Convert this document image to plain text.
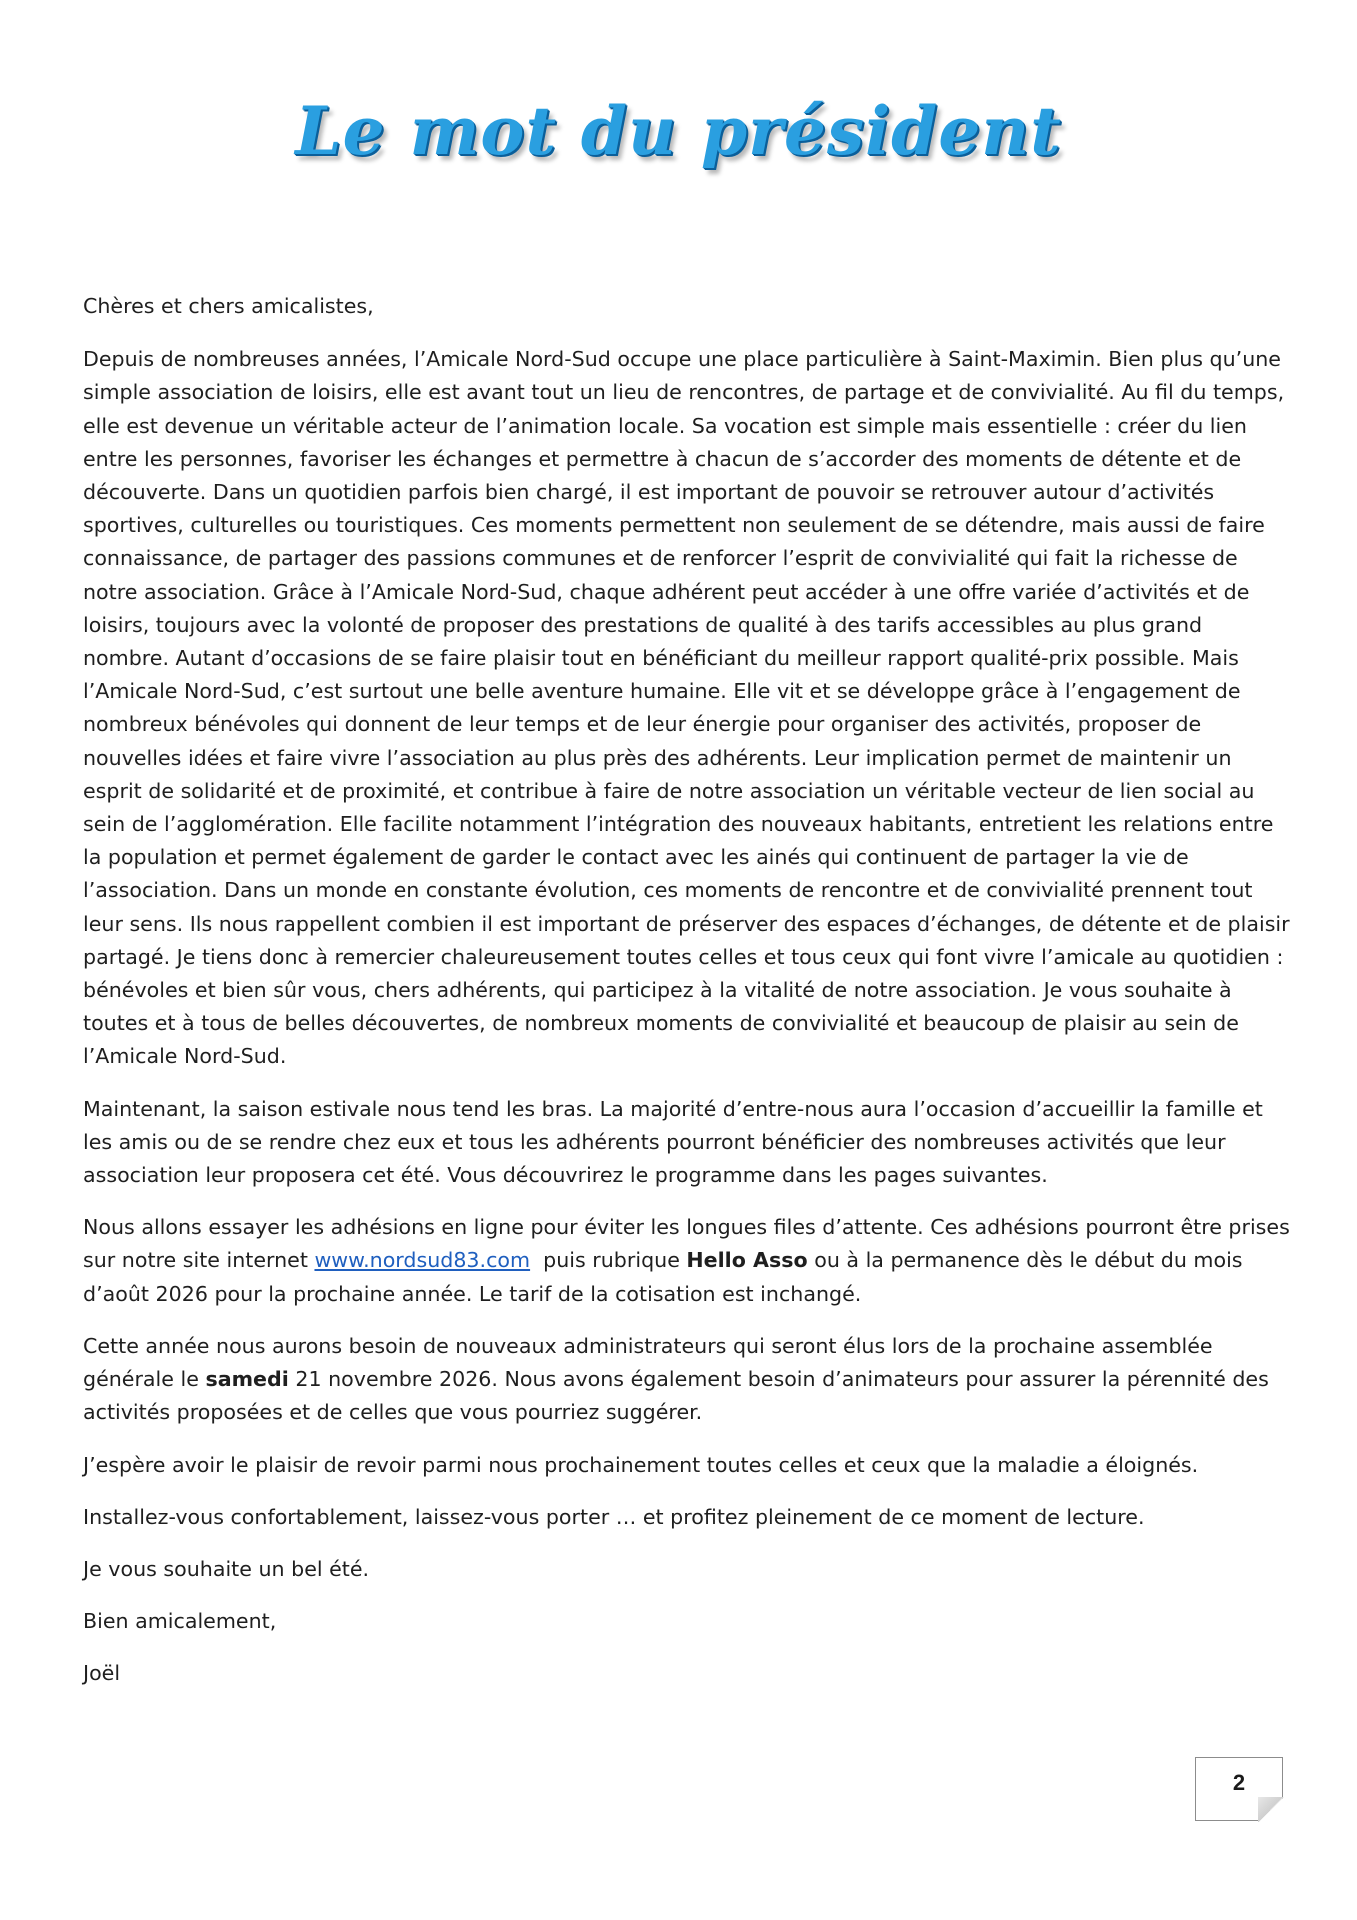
Le mot du président

Chères et chers amicalistes,

Depuis de nombreuses années, l’Amicale Nord-Sud occupe une place particulière à Saint-Maximin. Bien plus qu’une simple association de loisirs, elle est avant tout un lieu de rencontres, de partage et de convivialité. Au fil du temps, elle est devenue un véritable acteur de l’animation locale. Sa vocation est simple mais essentielle : créer du lien entre les personnes, favoriser les échanges et permettre à chacun de s’accorder des moments de détente et de découverte. Dans un quotidien parfois bien chargé, il est important de pouvoir se retrouver autour d’activités sportives, culturelles ou touristiques. Ces moments permettent non seulement de se détendre, mais aussi de faire connaissance, de partager des passions communes et de renforcer l’esprit de convivialité qui fait la richesse de notre association. Grâce à l’Amicale Nord-Sud, chaque adhérent peut accéder à une offre variée d’activités et de loisirs, toujours avec la volonté de proposer des prestations de qualité à des tarifs accessibles au plus grand nombre. Autant d’occasions de se faire plaisir tout en bénéficiant du meilleur rapport qualité-prix possible. Mais l’Amicale Nord-Sud, c’est surtout une belle aventure humaine. Elle vit et se développe grâce à l’engagement de nombreux bénévoles qui donnent de leur temps et de leur énergie pour organiser des activités, proposer de nouvelles idées et faire vivre l’association au plus près des adhérents. Leur implication permet de maintenir un esprit de solidarité et de proximité, et contribue à faire de notre association un véritable vecteur de lien social au sein de l’agglomération. Elle facilite notamment l’intégration des nouveaux habitants, entretient les relations entre la population et permet également de garder le contact avec les ainés qui continuent de partager la vie de l’association. Dans un monde en constante évolution, ces moments de rencontre et de convivialité prennent tout leur sens. Ils nous rappellent combien il est important de préserver des espaces d’échanges, de détente et de plaisir partagé. Je tiens donc à remercier chaleureusement toutes celles et tous ceux qui font vivre l’amicale au quotidien : bénévoles et bien sûr vous, chers adhérents, qui participez à la vitalité de notre association. Je vous souhaite à toutes et à tous de belles découvertes, de nombreux moments de convivialité et beaucoup de plaisir au sein de l’Amicale Nord-Sud.

Maintenant, la saison estivale nous tend les bras. La majorité d’entre-nous aura l’occasion d’accueillir la famille et les amis ou de se rendre chez eux et tous les adhérents pourront bénéficier des nombreuses activités que leur association leur proposera cet été. Vous découvrirez le programme dans les pages suivantes.

Nous allons essayer les adhésions en ligne pour éviter les longues files d’attente. Ces adhésions pourront être prises sur notre site internet www.nordsud83.com  puis rubrique Hello Asso ou à la permanence dès le début du mois d’août 2026 pour la prochaine année. Le tarif de la cotisation est inchangé.

Cette année nous aurons besoin de nouveaux administrateurs qui seront élus lors de la prochaine assemblée générale le samedi 21 novembre 2026. Nous avons également besoin d’animateurs pour assurer la pérennité des activités proposées et de celles que vous pourriez suggérer.

J’espère avoir le plaisir de revoir parmi nous prochainement toutes celles et ceux que la maladie a éloignés.

Installez-vous confortablement, laissez-vous porter … et profitez pleinement de ce moment de lecture.

Je vous souhaite un bel été.

Bien amicalement,

Joël

2
